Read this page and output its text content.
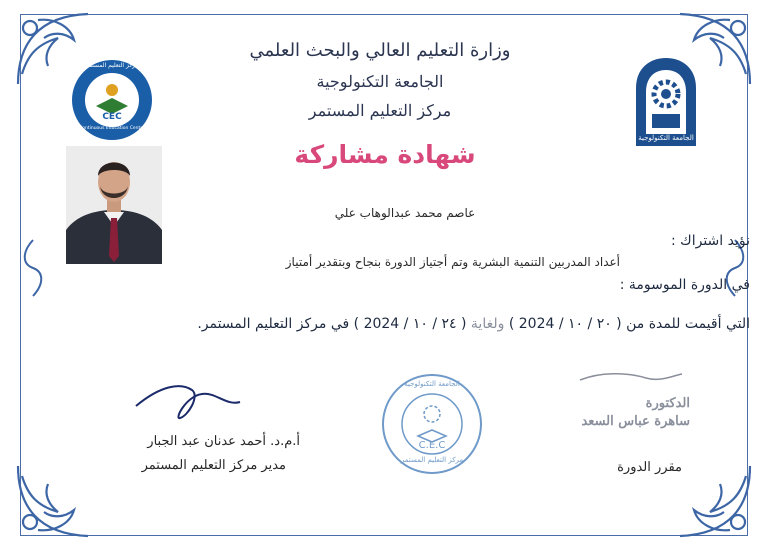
CEC
مركز التعليم المستمر
Continuous Education Center
الجامعة التكنولوجية
وزارة التعليم العالي والبحث العلمي
الجامعة التكنولوجية
مركز التعليم المستمر
شهادة مشاركة
عاصم محمد عبدالوهاب علي
نؤيد اشتراك :
أعداد المدربين التنمية البشرية وتم أجتياز الدورة بنجاح وبتقدير أمتياز
في الدورة الموسومة :
التي أقيمت للمدة من ( ٢٠ / ١٠ / 2024 ) ولغاية ( ٢٤ / ١٠ / 2024 ) في مركز التعليم المستمر.
أ.م.د. أحمد عدنان عبد الجبار
مدير مركز التعليم المستمر
C.E.C
الجامعة التكنولوجية
مركز التعليم المستمر
الدكتورة
ساهرة عباس السعد
مقرر الدورة
